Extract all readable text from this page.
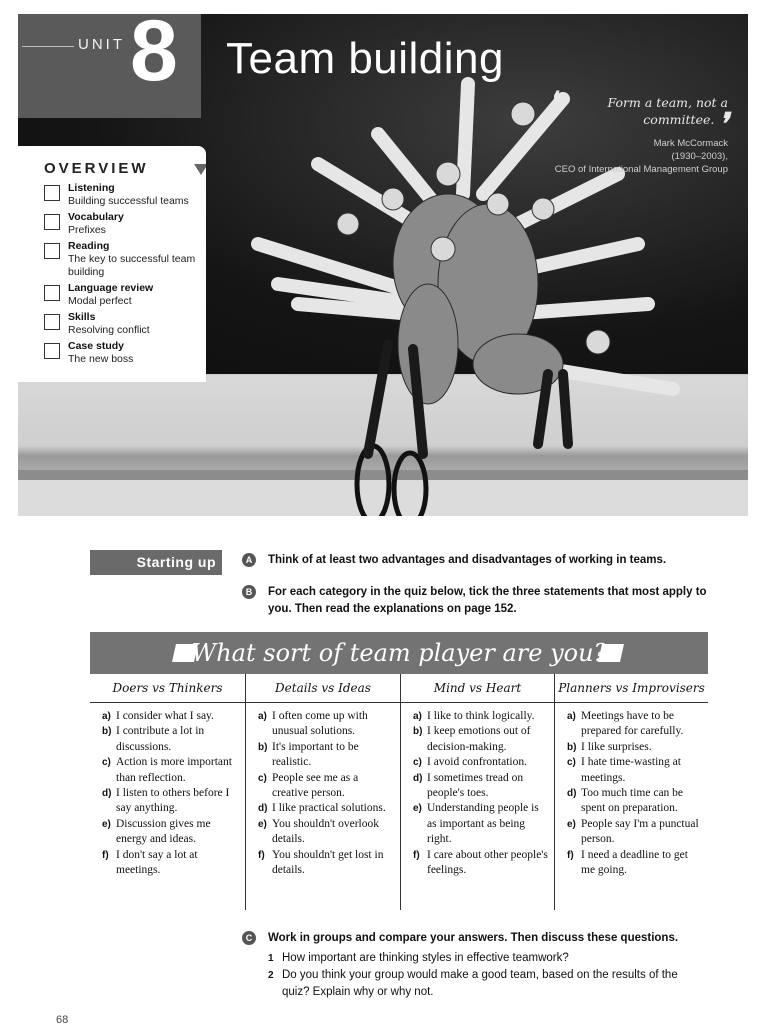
UNIT 8 Team building
❛	Form a team, not a committee. ❜
Mark McCormack
(1930–2003),
CEO of International Management Group
OVERVIEW
Listening
Building successful teams
Vocabulary
Prefixes
Reading
The key to successful team building
Language review
Modal perfect
Skills
Resolving conflict
Case study
The new boss
Starting up	A	Think of at least two advantages and disadvantages of working in teams.
B	For each category in the quiz below, tick the three statements that most apply to you. Then read the explanations on page 152.
What sort of team player are you?
Doers vs Thinkers
a) I consider what I say.
b) I contribute a lot in discussions.
c) Action is more important than reflection.
d) I listen to others before I say anything.
e) Discussion gives me energy and ideas.
f) I don't say a lot at meetings.
Details vs Ideas
a) I often come up with unusual solutions.
b) It's important to be realistic.
c) People see me as a creative person.
d) I like practical solutions.
e) You shouldn't overlook details.
f) You shouldn't get lost in details.
Mind vs Heart
a) I like to think logically.
b) I keep emotions out of decision-making.
c) I avoid confrontation.
d) I sometimes tread on people's toes.
e) Understanding people is as important as being right.
f) I care about other people's feelings.
Planners vs Improvisers
a) Meetings have to be prepared for carefully.
b) I like surprises.
c) I hate time-wasting at meetings.
d) Too much time can be spent on preparation.
e) People say I'm a punctual person.
f) I need a deadline to get me going.
C	Work in groups and compare your answers. Then discuss these questions.
1 How important are thinking styles in effective teamwork?
2 Do you think your group would make a good team, based on the results of the quiz? Explain why or why not.
68
